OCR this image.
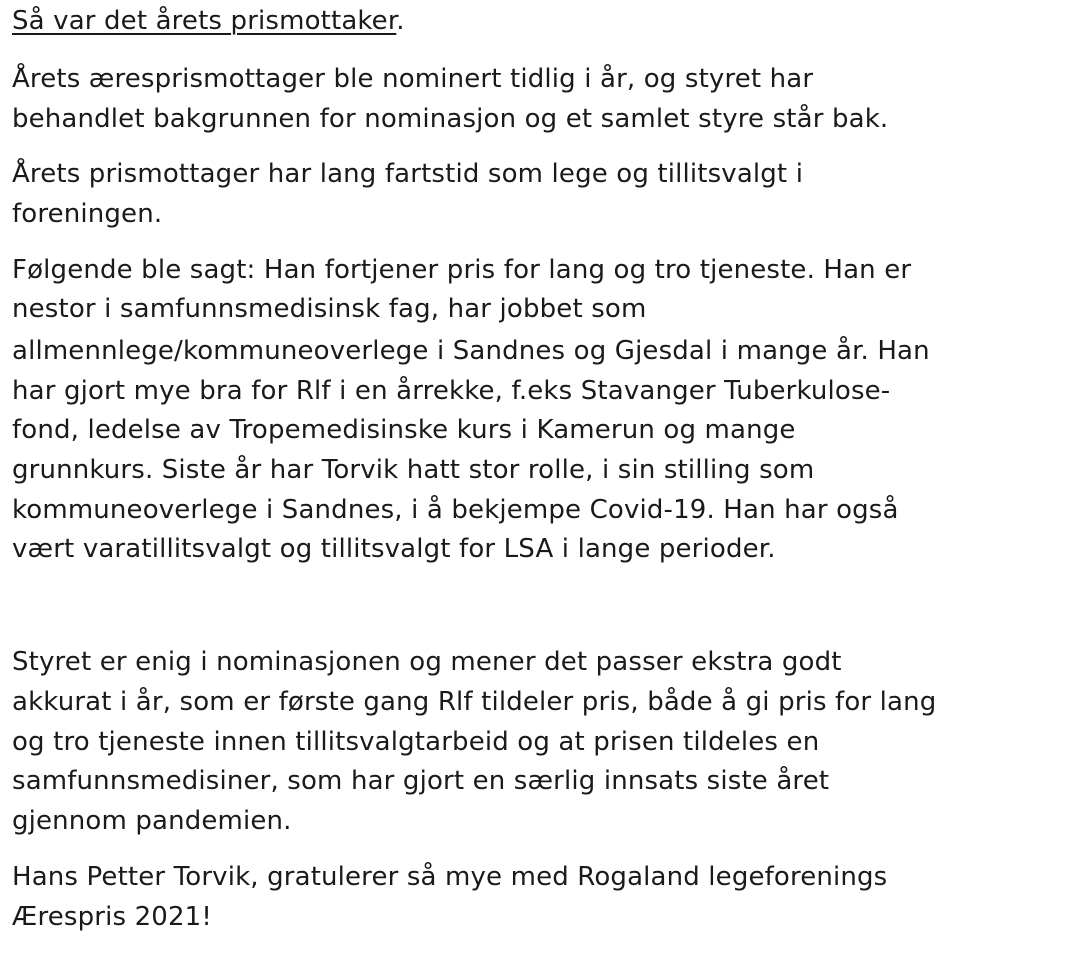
Så var det årets prismottaker.
Årets æresprismottager ble nominert tidlig i år, og styret har
behandlet bakgrunnen for nominasjon og et samlet styre står bak.
Årets prismottager har lang fartstid som lege og tillitsvalgt i
foreningen.
Følgende ble sagt: Han fortjener pris for lang og tro tjeneste. Han er
nestor i samfunnsmedisinsk fag, har jobbet som
allmennlege/kommuneoverlege i Sandnes og Gjesdal i mange år. Han
har gjort mye bra for Rlf i en årrekke, f.eks Stavanger Tuberkulose-
fond, ledelse av Tropemedisinske kurs i Kamerun og mange
grunnkurs. Siste år har Torvik hatt stor rolle, i sin stilling som
kommuneoverlege i Sandnes, i å bekjempe Covid-19. Han har også
vært varatillitsvalgt og tillitsvalgt for LSA i lange perioder.
Styret er enig i nominasjonen og mener det passer ekstra godt
akkurat i år, som er første gang Rlf tildeler pris, både å gi pris for lang
og tro tjeneste innen tillitsvalgtarbeid og at prisen tildeles en
samfunnsmedisiner, som har gjort en særlig innsats siste året
gjennom pandemien.
Hans Petter Torvik, gratulerer så mye med Rogaland legeforenings
Ærespris 2021!
